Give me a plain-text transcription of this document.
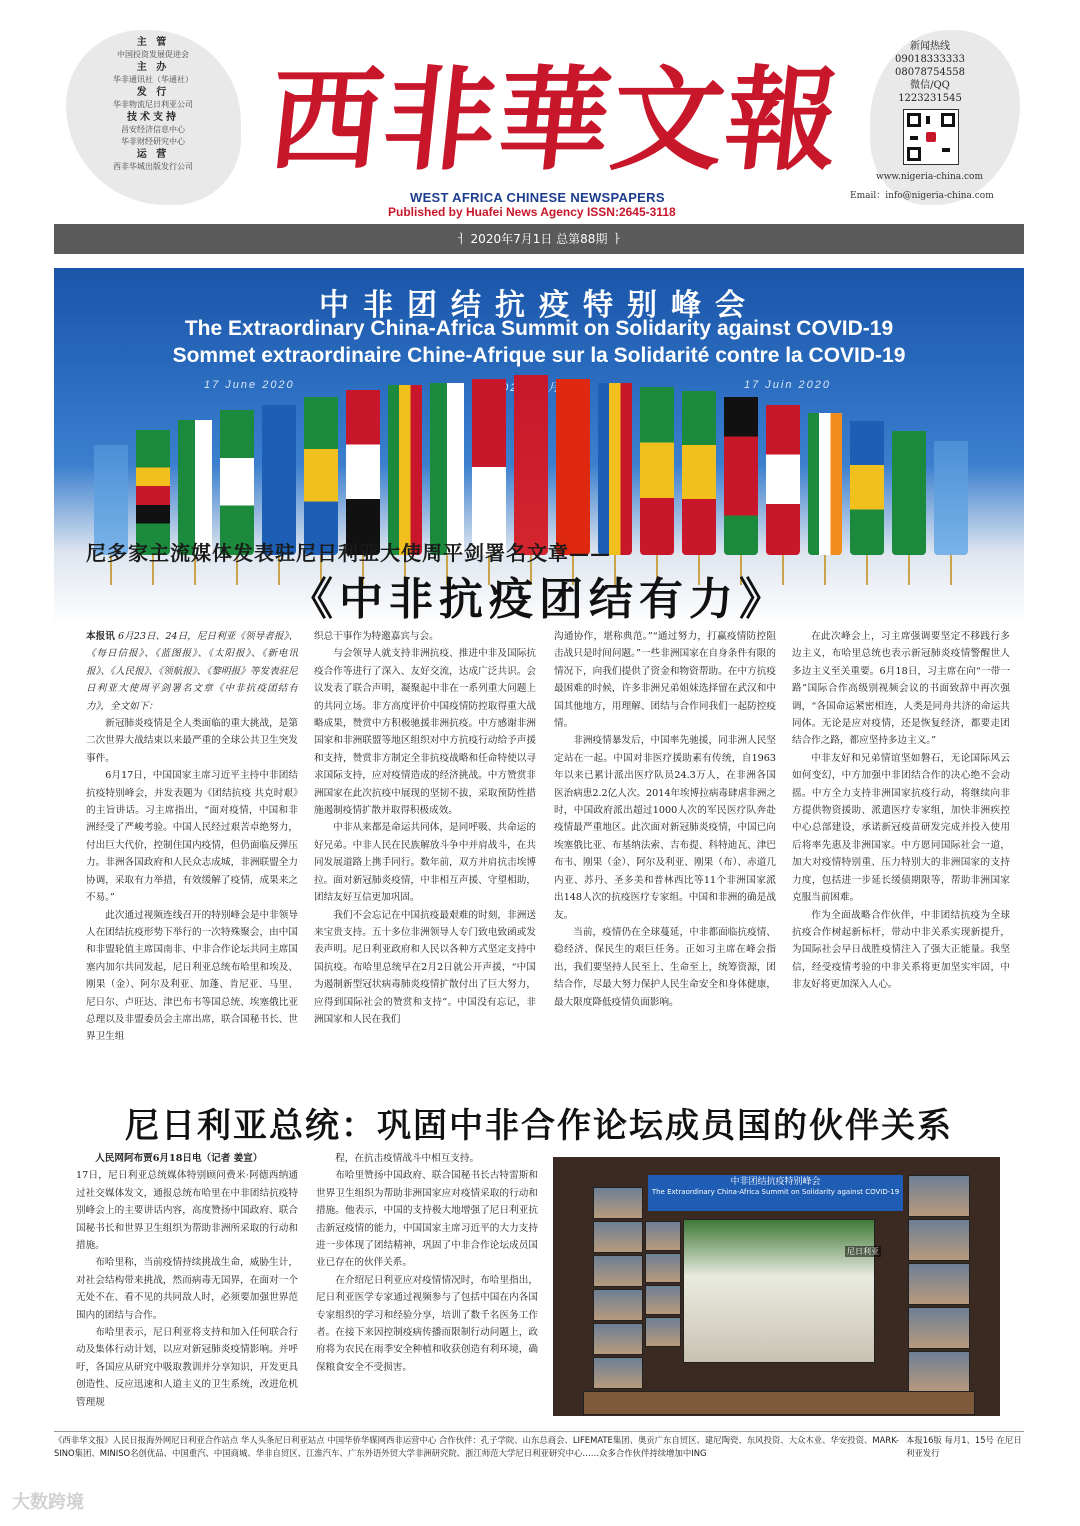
主 管
中国投资发展促进会
主 办
华非通讯社（华通社）
发 行
华非物流尼日利亚公司
技术支持
昌安经济信息中心
华非财经研究中心
运 营
西非华城出版发行公司 西非華文報
WEST AFRICA CHINESE NEWSPAPERS
Published by Huafei News Agency ISSN:2645-3118
新闻热线
09018333333
08078754558
微信/QQ
1223231545
www.nigeria-china.com
Email：info@nigeria-china.com
ㅓ 2020年7月1日 总第88期 ㅏ
中非团结抗疫特别峰会
The Extraordinary China-Africa Summit on Solidarity against COVID-19
Sommet extraordinaire Chine-Afrique sur la Solidarité contre la COVID-19
17 June 2020	17 Juin 2020
尼多家主流媒体发表驻尼日利亚大使周平剑署名文章——
《中非抗疫团结有力》

本报讯 6月23日、24日，尼日利亚《领导者报》、《每日信报》、《蓝图报》、《太阳报》、《新电讯报》、《人民报》、《领航报》、《黎明报》等发表驻尼日利亚大使周平剑署名文章《中非抗疫团结有力》，全文如下：

新冠肺炎疫情是全人类面临的重大挑战，是第二次世界大战结束以来最严重的全球公共卫生突发事件。

6月17日，中国国家主席习近平主持中非团结抗疫特别峰会，并发表题为《团结抗疫 共克时艰》的主旨讲话。习主席指出，“面对疫情，中国和非洲经受了严峻考验。中国人民经过艰苦卓绝努力，付出巨大代价，控制住国内疫情，但仍面临反弹压力。非洲各国政府和人民众志成城，非洲联盟全力协调，采取有力举措，有效缓解了疫情，成果来之不易。”

此次通过视频连线召开的特别峰会是中非领导人在团结抗疫形势下举行的一次特殊聚会，由中国和非盟轮值主席国南非、中非合作论坛共同主席国塞内加尔共同发起，尼日利亚总统布哈里和埃及、刚果（金）、阿尔及利亚、加蓬、肯尼亚、马里、尼日尔、卢旺达、津巴布韦等国总统、埃塞俄比亚总理以及非盟委员会主席出席，联合国秘书长、世界卫生组

织总干事作为特邀嘉宾与会。

与会领导人就支持非洲抗疫、推进中非及国际抗疫合作等进行了深入、友好交流，达成广泛共识。会议发表了联合声明，凝聚起中非在一系列重大问题上的共同立场。非方高度评价中国疫情防控取得重大战略成果，赞赏中方积极驰援非洲抗疫。中方感谢非洲国家和非洲联盟等地区组织对中方抗疫行动给予声援和支持，赞赏非方制定全非抗疫战略和任命特使以寻求国际支持，应对疫情造成的经济挑战。中方赞赏非洲国家在此次抗疫中展现的坚韧不拔，采取预防性措施遏制疫情扩散并取得积极成效。

中非从来都是命运共同体，是同呼吸、共命运的好兄弟。中非人民在民族解放斗争中并肩战斗，在共同发展道路上携手同行。数年前，双方并肩抗击埃博拉。面对新冠肺炎疫情，中非相互声援、守望相助，团结友好互信更加巩固。

我们不会忘记在中国抗疫最艰难的时刻，非洲送来宝贵支持。五十多位非洲领导人专门致电致函或发表声明。尼日利亚政府和人民以各种方式坚定支持中国抗疫。布哈里总统早在2月2日就公开声援，“中国为遏制新型冠状病毒肺炎疫情扩散付出了巨大努力，应得到国际社会的赞赏和支持”。中国没有忘记，非洲国家和人民在我们

沟通协作，堪称典范。”“通过努力，打赢疫情防控阻击战只是时间问题。”一些非洲国家在自身条件有限的情况下，向我们提供了资金和物资帮助。在中方抗疫最困难的时候，许多非洲兄弟姐妹选择留在武汉和中国其他地方，用理解、团结与合作同我们一起防控疫情。

非洲疫情暴发后，中国率先驰援，同非洲人民坚定站在一起。中国对非医疗援助素有传统，自1963年以来已累计派出医疗队员24.3万人，在非洲各国医治病患2.2亿人次。2014年埃博拉病毒肆虐非洲之时，中国政府派出超过1000人次的军民医疗队奔赴疫情最严重地区。此次面对新冠肺炎疫情，中国已向埃塞俄比亚、布基纳法索、吉布提、科特迪瓦、津巴布韦、刚果（金）、阿尔及利亚、刚果（布）、赤道几内亚、苏丹、圣多美和普林西比等11个非洲国家派出148人次的抗疫医疗专家组。中国和非洲的确是战友。

当前，疫情仍在全球蔓延，中非都面临抗疫情、稳经济、保民生的艰巨任务。正如习主席在峰会指出，我们要坚持人民至上、生命至上，统筹资源，团结合作，尽最大努力保护人民生命安全和身体健康，最大限度降低疫情负面影响。

在此次峰会上，习主席强调要坚定不移践行多边主义，布哈里总统也表示新冠肺炎疫情警醒世人多边主义至关重要。6月18日，习主席在向“一带一路”国际合作高级别视频会议的书面致辞中再次强调，“各国命运紧密相连，人类是同舟共济的命运共同体。无论是应对疫情，还是恢复经济，都要走团结合作之路，都应坚持多边主义。”

中非友好和兄弟情谊坚如磐石，无论国际风云如何变幻，中方加强中非团结合作的决心绝不会动摇。中方全力支持非洲国家抗疫行动，将继续向非方提供物资援助、派遣医疗专家组，加快非洲疾控中心总部建设，承诺新冠疫苗研发完成并投入使用后将率先惠及非洲国家。中方愿同国际社会一道，加大对疫情特别重、压力特别大的非洲国家的支持力度，包括进一步延长缓债期限等，帮助非洲国家克服当前困难。

作为全面战略合作伙伴，中非团结抗疫为全球抗疫合作树起新标杆，带动中非关系实现新提升，为国际社会早日战胜疫情注入了强大正能量。我坚信，经受疫情考验的中非关系将更加坚实牢固，中非友好将更加深入人心。

尼日利亚总统：巩固中非合作论坛成员国的伙伴关系

人民网阿布贾6月18日电（记者 姜宣）

17日，尼日利亚总统媒体特别顾问费米·阿德西纳通过社交媒体发文，通报总统布哈里在中非团结抗疫特别峰会上的主要讲话内容，高度赞扬中国政府、联合国秘书长和世界卫生组织为帮助非洲所采取的行动和措施。

布哈里称，当前疫情持续挑战生命，威胁生计，对社会结构带来挑战，然而病毒无国界，在面对一个无处不在、看不见的共同敌人时，必须要加强世界范围内的团结与合作。

布哈里表示，尼日利亚将支持和加入任何联合行动及集体行动计划，以应对新冠肺炎疫情影响。并呼吁，各国应从研究中吸取教训并分享知识，开发更具创造性、反应迅速和人道主义的卫生系统，改进危机管理规

程，在抗击疫情战斗中相互支持。

布哈里赞扬中国政府、联合国秘书长古特雷斯和世界卫生组织为帮助非洲国家应对疫情采取的行动和措施。他表示，中国的支持极大地增强了尼日利亚抗击新冠疫情的能力，中国国家主席习近平的大力支持进一步体现了团结精神，巩固了中非合作论坛成员国业已存在的伙伴关系。

在介绍尼日利亚应对疫情情况时，布哈里指出，尼日利亚医学专家通过视频参与了包括中国在内各国专家组织的学习和经验分享，培训了数千名医务工作者。在接下来因控制疫病传播而限制行动问题上，政府将为农民在雨季安全种植和收获创造有利环境，确保粮食安全不受损害。

中非团结抗疫特别峰会
The Extraordinary China-Africa Summit on Solidarity against COVID-19
尼日利亚
《西非华文报》人民日报海外网尼日利亚合作站点 华人头条尼日利亚站点 中国华侨华媒网西非运营中心 合作伙伴：孔子学院、山东总商会、LIFEMATE集团、奥贡广东自贸区、建尼陶瓷、东风投资、大众木业、华安投资、MARK-SINO集团、MINISO名创优品、中国重汽、中国商城、华非自贸区、江淮汽车、广东外语外贸大学非洲研究院、浙江师范大学尼日利亚研究中心……众多合作伙伴持续增加中ING
本报16版 每月1、15号 在尼日利亚发行
大数跨境
